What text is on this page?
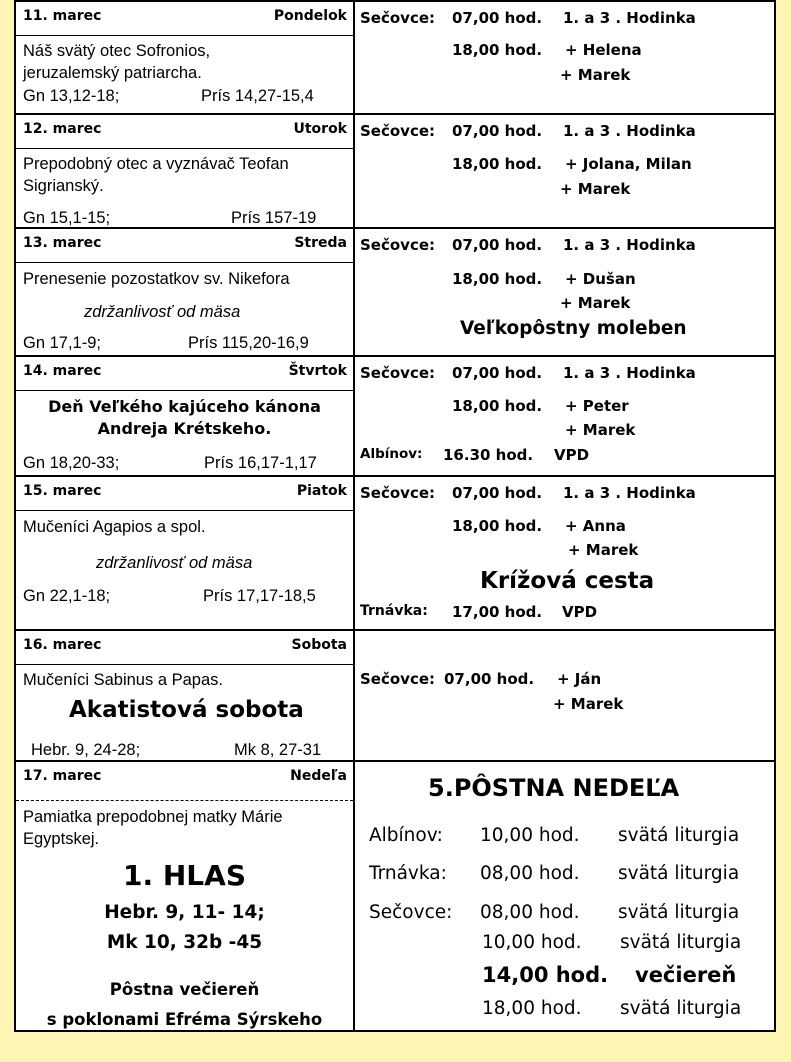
11. marec	Pondelok
Náš svätý otec Sofronios,
jeruzalemský patriarcha.
Gn 13,12-18;	Prís 14,27-15,4
Sečovce: 07,00 hod. 1. a 3 . Hodinka
18,00 hod. + Helena
+ Marek
12. marec	Utorok
Prepodobný otec a vyznávač Teofan
Sigrianský.
Gn 15,1-15;	Prís 157-19
Sečovce: 07,00 hod. 1. a 3 . Hodinka
18,00 hod. + Jolana, Milan
+ Marek
13. marec	Streda
Prenesenie pozostatkov sv. Nikefora
zdržanlivosť od mäsa
Gn 17,1-9;	Prís 115,20-16,9
Sečovce: 07,00 hod. 1. a 3 . Hodinka
18,00 hod. + Dušan
+ Marek
Veľkopôstny moleben
14. marec	Štvrtok
Deň Veľkého kajúceho kánona
Andreja Krétskeho.
Gn 18,20-33;	Prís 16,17-1,17
Sečovce: 07,00 hod. 1. a 3 . Hodinka
18,00 hod. + Peter
+ Marek
Albínov: 16.30 hod. VPD
15. marec	Piatok
Mučeníci Agapios a spol.
zdržanlivosť od mäsa
Gn 22,1-18;	Prís 17,17-18,5
Sečovce: 07,00 hod. 1. a 3 . Hodinka
18,00 hod. + Anna
+ Marek
Krížová cesta
Trnávka: 17,00 hod. VPD
16. marec	Sobota
Mučeníci Sabinus a Papas.
Akatistová sobota
Hebr. 9, 24-28;	Mk 8, 27-31
Sečovce: 07,00 hod. + Ján
+ Marek
17. marec	Nedeľa
Pamiatka prepodobnej matky Márie
Egyptskej.
1. HLAS
Hebr. 9, 11- 14;
Mk 10, 32b -45
Pôstna večiereň
s poklonami Efréma Sýrskeho
5.PÔSTNA NEDEĽA
Albínov: 10,00 hod. svätá liturgia
Trnávka: 08,00 hod. svätá liturgia
Sečovce: 08,00 hod. svätá liturgia
10,00 hod. svätá liturgia
14,00 hod. večiereň
18,00 hod. svätá liturgia
